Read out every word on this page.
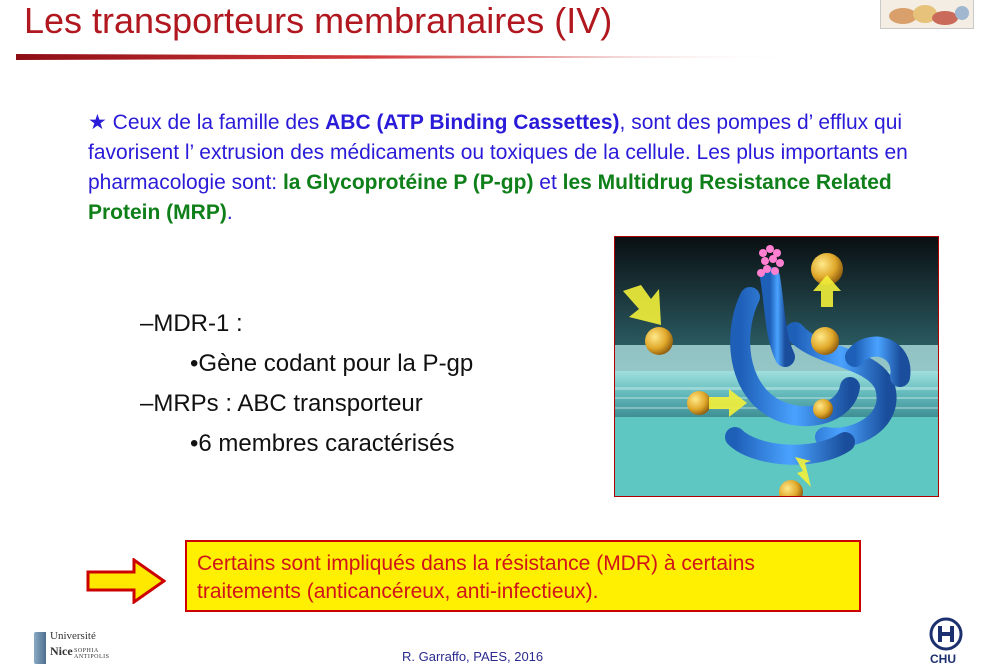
Les transporteurs membranaires (IV)
★ Ceux de la famille des ABC (ATP Binding Cassettes), sont des pompes d’ efflux qui favorisent l’ extrusion des médicaments ou toxiques de la cellule. Les plus importants en pharmacologie sont: la Glycoprotéine P (P-gp) et les Multidrug Resistance Related Protein (MRP).
–MDR-1 :
•Gène codant pour la P-gp
–MRPs : ABC transporteur
•6 membres caractérisés
Certains sont impliqués dans la résistance (MDR) à certains traitements (anticancéreux, anti-infectieux).
Université
Nice SOPHIA ANTIPOLIS	R. Garraffo, PAES, 2016	CHU
